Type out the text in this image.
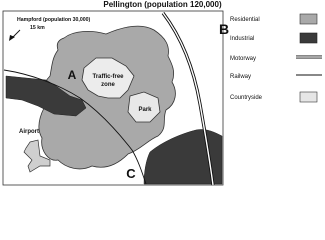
Pellington (population 120,000)
Hampford (population 30,000)
15 km
Traffic-free
zone
Park
Airport
A
B
C
Residential
Industrial
Motorway
Railway
Countryside
